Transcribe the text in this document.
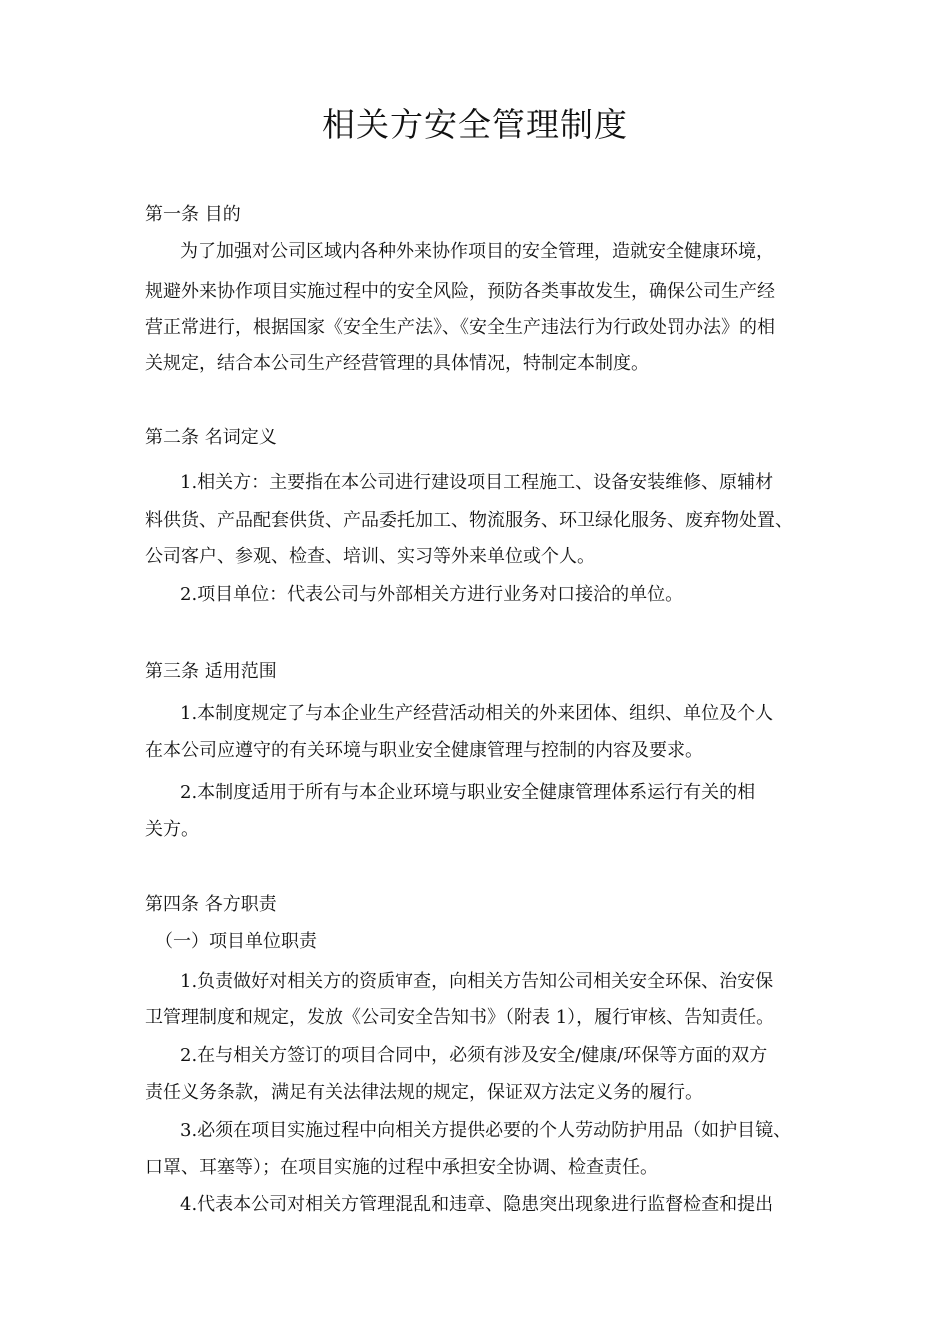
相关方安全管理制度
第一条 目的
为了加强对公司区域内各种外来协作项目的安全管理，造就安全健康环境，
规避外来协作项目实施过程中的安全风险，预防各类事故发生，确保公司生产经
营正常进行，根据国家《安全生产法》、《安全生产违法行为行政处罚办法》的相
关规定，结合本公司生产经营管理的具体情况，特制定本制度。
第二条 名词定义
1.相关方：主要指在本公司进行建设项目工程施工、设备安装维修、原辅材
料供货、产品配套供货、产品委托加工、物流服务、环卫绿化服务、废弃物处置、
公司客户、参观、检查、培训、实习等外来单位或个人。
2.项目单位：代表公司与外部相关方进行业务对口接洽的单位。
第三条 适用范围
1.本制度规定了与本企业生产经营活动相关的外来团体、组织、单位及个人
在本公司应遵守的有关环境与职业安全健康管理与控制的内容及要求。
2.本制度适用于所有与本企业环境与职业安全健康管理体系运行有关的相
关方。
第四条 各方职责
（一）项目单位职责
1.负责做好对相关方的资质审查，向相关方告知公司相关安全环保、治安保
卫管理制度和规定，发放《公司安全告知书》（附表 1），履行审核、告知责任。
2.在与相关方签订的项目合同中，必须有涉及安全/健康/环保等方面的双方
责任义务条款，满足有关法律法规的规定，保证双方法定义务的履行。
3.必须在项目实施过程中向相关方提供必要的个人劳动防护用品（如护目镜、
口罩、耳塞等）；在项目实施的过程中承担安全协调、检查责任。
4.代表本公司对相关方管理混乱和违章、隐患突出现象进行监督检查和提出
